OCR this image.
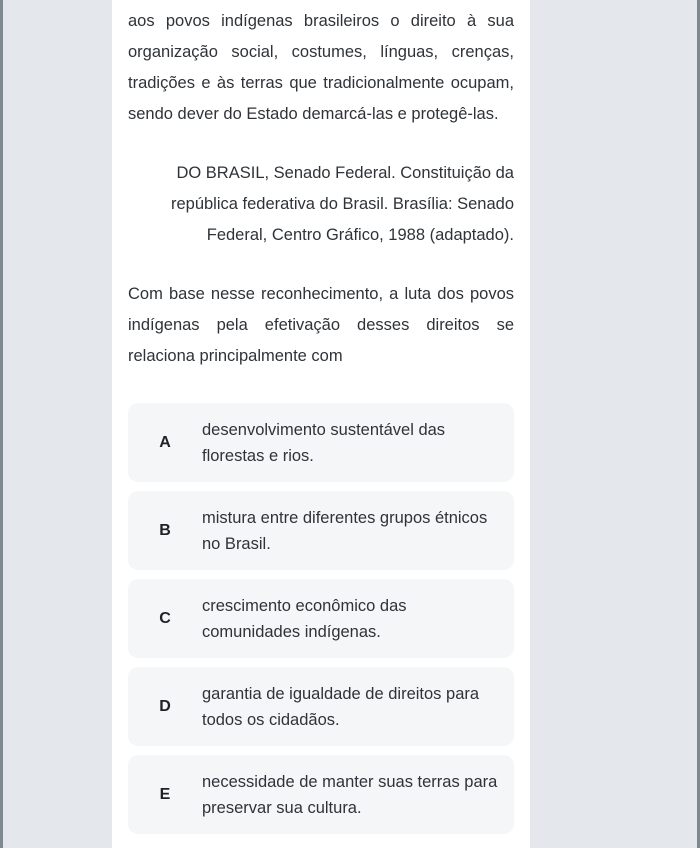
aos povos indígenas brasileiros o direito à sua organização social, costumes, línguas, crenças, tradições e às terras que tradicionalmente ocupam, sendo dever do Estado demarcá-las e protegê-las.

DO BRASIL, Senado Federal. Constituição da república federativa do Brasil. Brasília: Senado Federal, Centro Gráfico, 1988 (adaptado).

Com base nesse reconhecimento, a luta dos povos indígenas pela efetivação desses direitos se relaciona principalmente com

A
desenvolvimento sustentável das florestas e rios.
B
mistura entre diferentes grupos étnicos no Brasil.
C
crescimento econômico das comunidades indígenas.
D
garantia de igualdade de direitos para todos os cidadãos.
E
necessidade de manter suas terras para preservar sua cultura.
